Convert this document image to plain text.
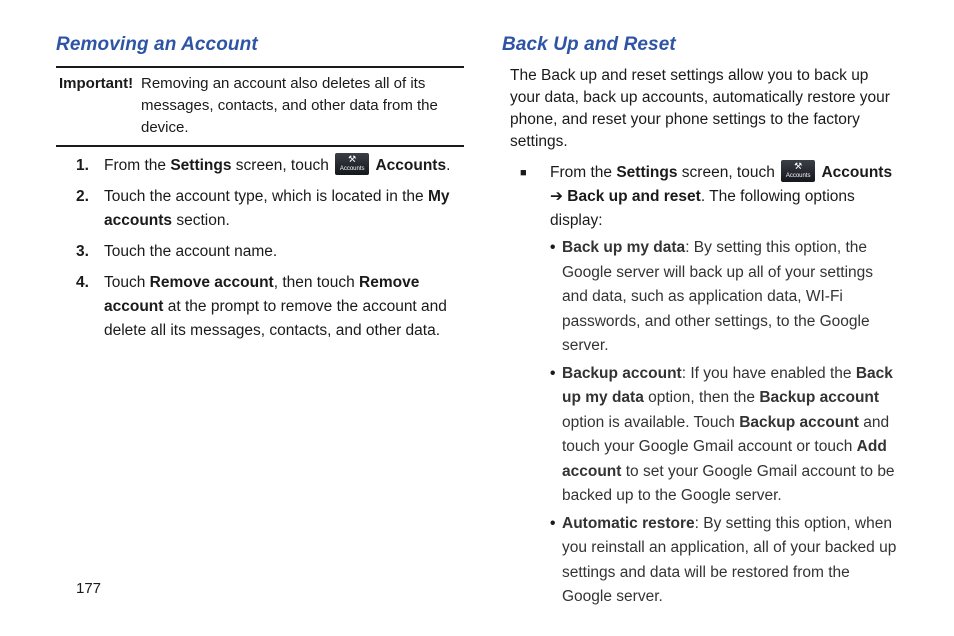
Removing an Account
Important! Removing an account also deletes all of its messages, contacts, and other data from the device.
1. From the Settings screen, touch	⚒
Accounts Accounts.
2. Touch the account type, which is located in the My accounts section.
3. Touch the account name.
4. Touch Remove account, then touch Remove account at the prompt to remove the account and delete all its messages, contacts, and other data.
Back Up and Reset

The Back up and reset settings allow you to back up your data, back up accounts, automatically restore your phone, and reset your phone settings to the factory settings.

■	From the Settings screen, touch	⚒
Accounts Accounts ➔ Back up and reset. The following options display:
• Back up my data: By setting this option, the Google server will back up all of your settings and data, such as application data, WI-Fi passwords, and other settings, to the Google server.
• Backup account: If you have enabled the Back up my data option, then the Backup account option is available. Touch Backup account and touch your Google Gmail account or touch Add account to set your Google Gmail account to be backed up to the Google server.
• Automatic restore: By setting this option, when you reinstall an application, all of your backed up settings and data will be restored from the Google server.
177
